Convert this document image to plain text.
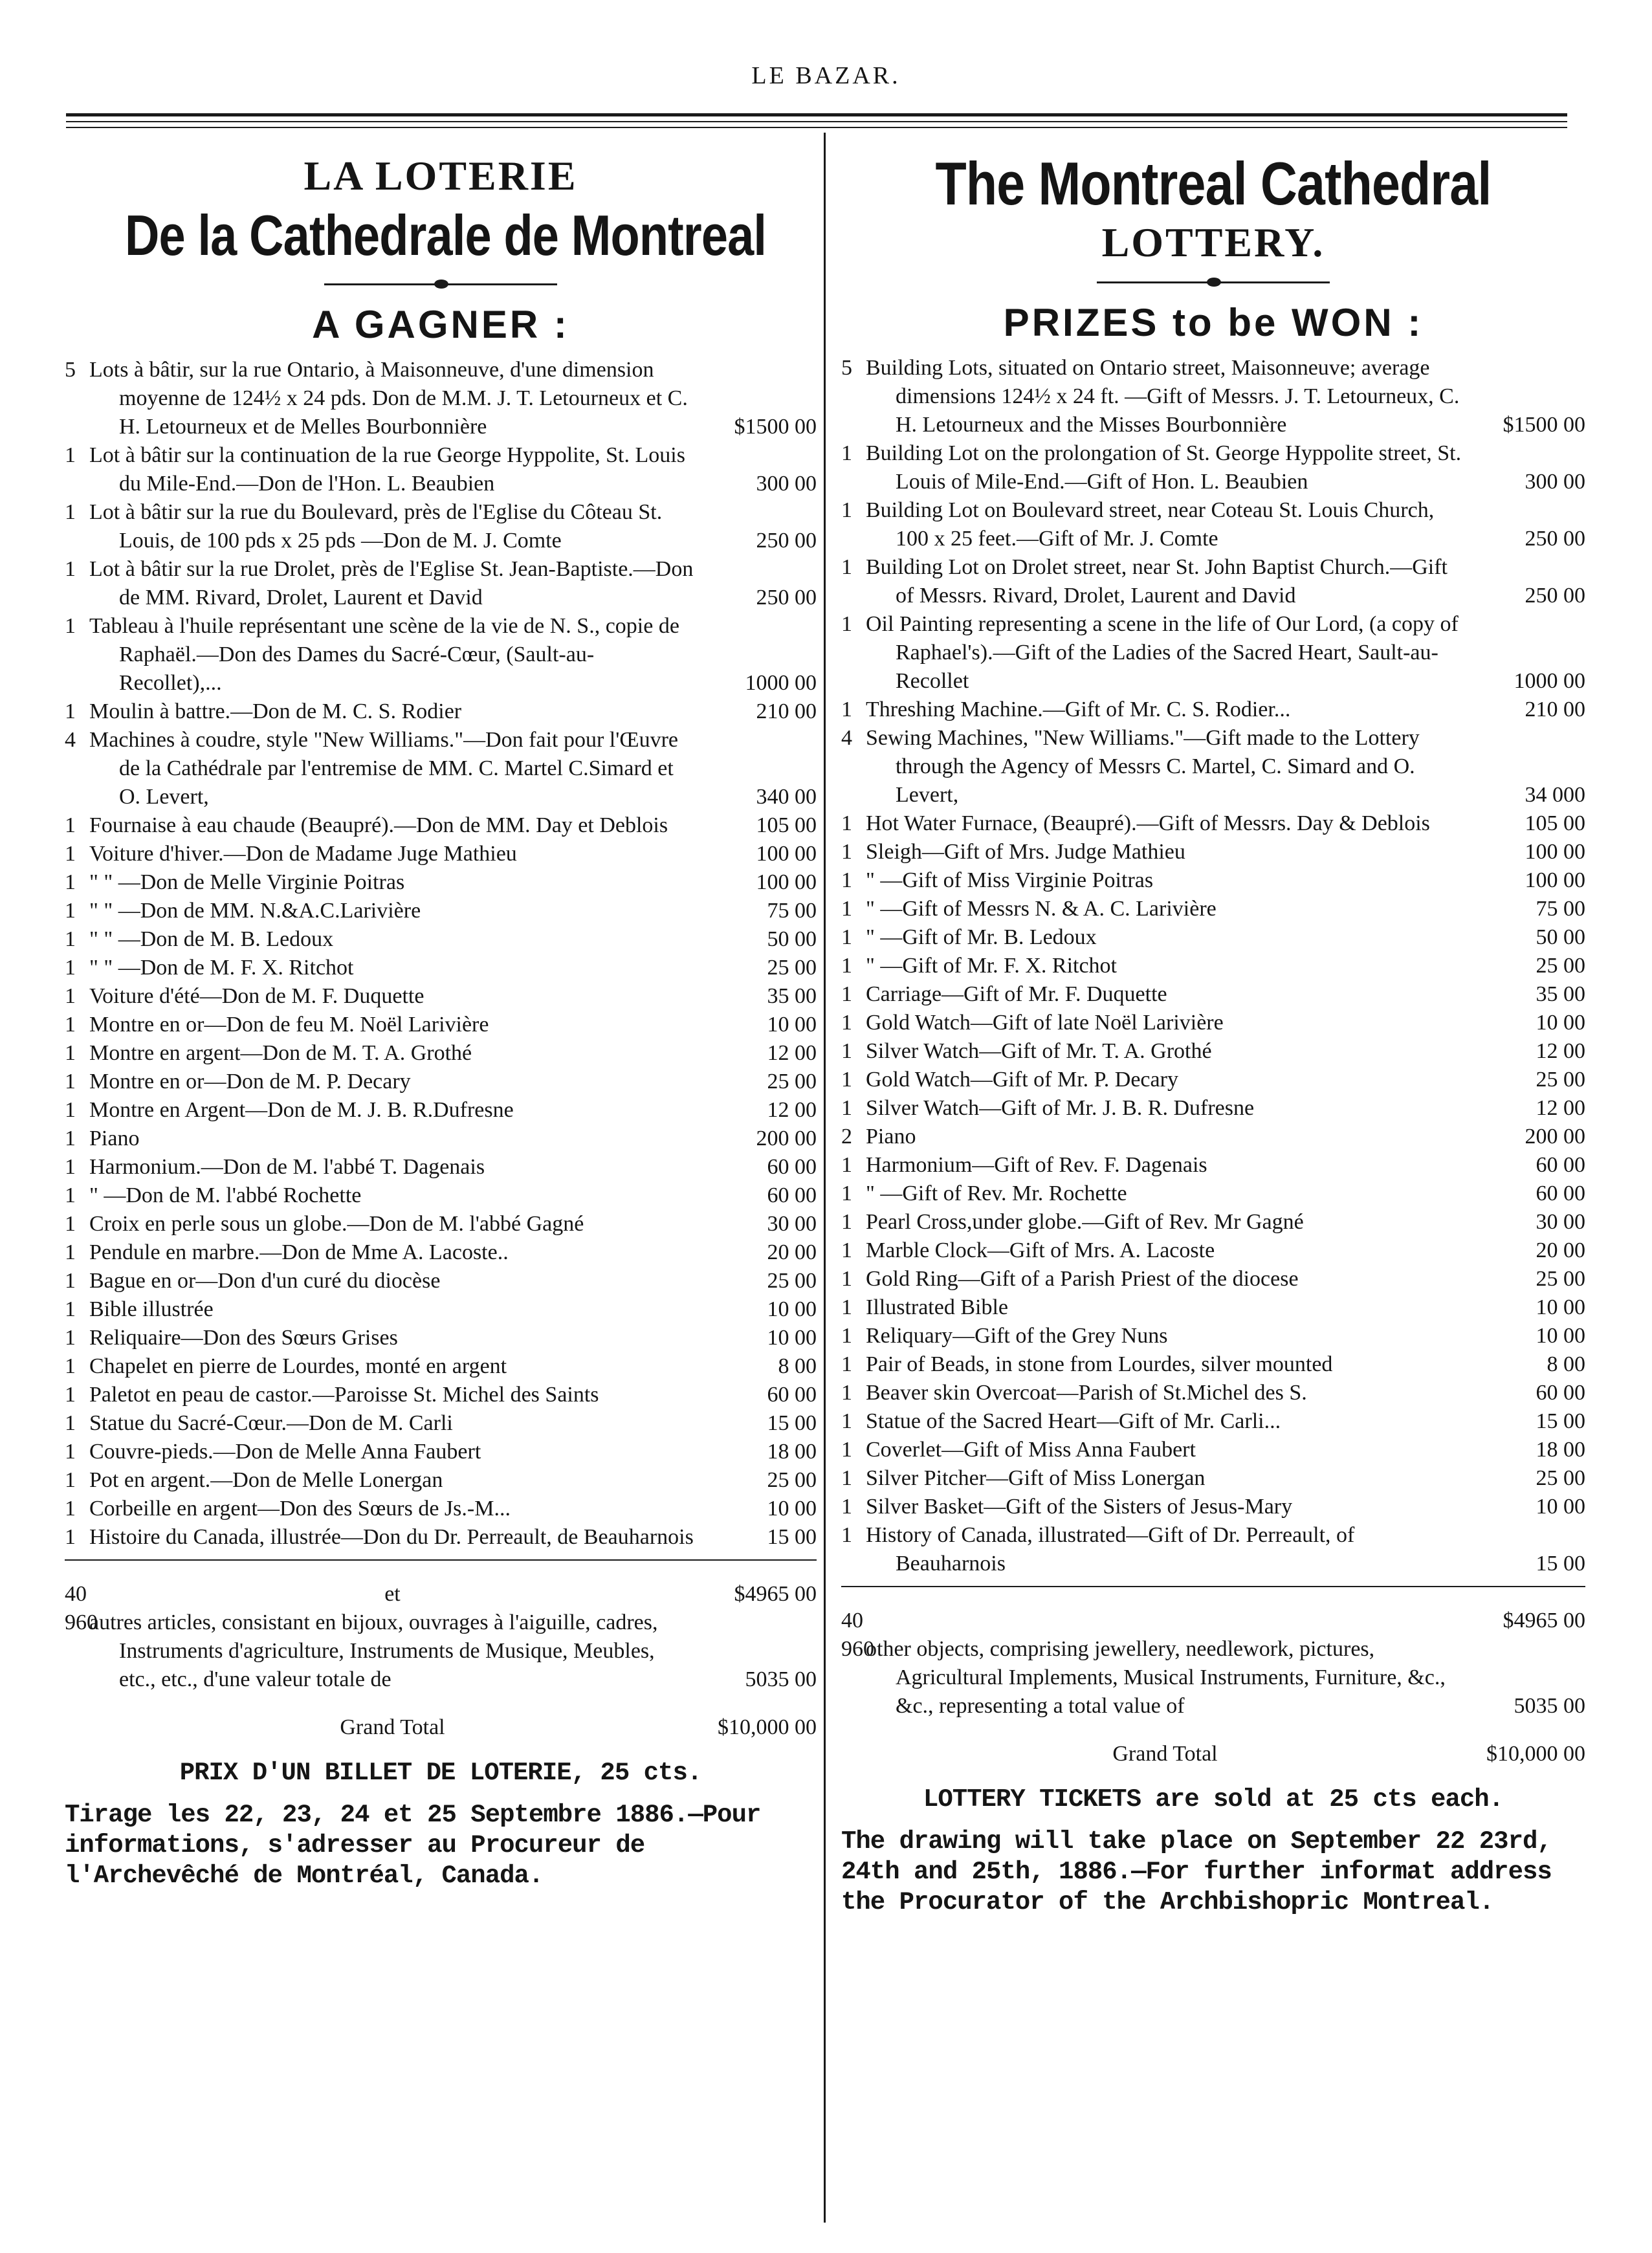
LE BAZAR.
LA LOTERIE
De la Cathedrale de Montreal
A GAGNER :
5 Lots à bâtir, sur la rue Ontario, à Maisonneuve, d'une dimension moyenne de 124½ x 24 pds. Don de M.M. J. T. Letourneux et C. H. Letourneux et de Melles Bourbonnière	$1500 00
1 Lot à bâtir sur la continuation de la rue George Hyppolite, St. Louis du Mile-End.—Don de l'Hon. L. Beaubien	300 00
1 Lot à bâtir sur la rue du Boulevard, près de l'Eglise du Côteau St. Louis, de 100 pds x 25 pds —Don de M. J. Comte	250 00
1 Lot à bâtir sur la rue Drolet, près de l'Eglise St. Jean-Baptiste.—Don de MM. Rivard, Drolet, Laurent et David	250 00
1 Tableau à l'huile représentant une scène de la vie de N. S., copie de Raphaël.—Don des Dames du Sacré-Cœur, (Sault-au-Recollet),...	1000 00
1 Moulin à battre.—Don de M. C. S. Rodier	210 00
4 Machines à coudre, style "New Williams."—Don fait pour l'Œuvre de la Cathédrale par l'entremise de MM. C. Martel C.Simard et O. Levert,	340 00
1 Fournaise à eau chaude (Beaupré).—Don de MM. Day et Deblois	105 00
1 Voiture d'hiver.—Don de Madame Juge Mathieu	100 00
1 " " —Don de Melle Virginie Poitras	100 00
1 " " —Don de MM. N.&A.C.Larivière	75 00
1 " " —Don de M. B. Ledoux	50 00
1 " " —Don de M. F. X. Ritchot	25 00
1 Voiture d'été—Don de M. F. Duquette	35 00
1 Montre en or—Don de feu M. Noël Larivière	10 00
1 Montre en argent—Don de M. T. A. Grothé	12 00
1 Montre en or—Don de M. P. Decary	25 00
1 Montre en Argent—Don de M. J. B. R.Dufresne	12 00
1 Piano	200 00
1 Harmonium.—Don de M. l'abbé T. Dagenais	60 00
1 " —Don de M. l'abbé Rochette	60 00
1 Croix en perle sous un globe.—Don de M. l'abbé Gagné	30 00
1 Pendule en marbre.—Don de Mme A. Lacoste..	20 00
1 Bague en or—Don d'un curé du diocèse	25 00
1 Bible illustrée	10 00
1 Reliquaire—Don des Sœurs Grises	10 00
1 Chapelet en pierre de Lourdes, monté en argent	8 00
1 Paletot en peau de castor.—Paroisse St. Michel des Saints	60 00
1 Statue du Sacré-Cœur.—Don de M. Carli	15 00
1 Couvre-pieds.—Don de Melle Anna Faubert	18 00
1 Pot en argent.—Don de Melle Lonergan	25 00
1 Corbeille en argent—Don des Sœurs de Js.-M...	10 00
1 Histoire du Canada, illustrée—Don du Dr. Perreault, de Beauharnois	15 00
40	et	$4965 00
960
autres articles, consistant en bijoux, ouvrages à l'aiguille, cadres, Instruments d'agriculture, Instruments de Musique, Meubles, etc., etc., d'une valeur totale de	5035 00
Grand Total	$10,000 00
PRIX D'UN BILLET DE LOTERIE, 25 cts.
Tirage les 22, 23, 24 et 25 Septembre 1886.—Pour informations, s'adresser au Procureur de l'Archevêché de Montréal, Canada.
The Montreal Cathedral
LOTTERY.
PRIZES to be WON :
5 Building Lots, situated on Ontario street, Maisonneuve; average dimensions 124½ x 24 ft. —Gift of Messrs. J. T. Letourneux, C. H. Letourneux and the Misses Bourbonnière	$1500 00
1 Building Lot on the prolongation of St. George Hyppolite street, St. Louis of Mile-End.—Gift of Hon. L. Beaubien	300 00
1 Building Lot on Boulevard street, near Coteau St. Louis Church, 100 x 25 feet.—Gift of Mr. J. Comte	250 00
1 Building Lot on Drolet street, near St. John Baptist Church.—Gift of Messrs. Rivard, Drolet, Laurent and David	250 00
1 Oil Painting representing a scene in the life of Our Lord, (a copy of Raphael's).—Gift of the Ladies of the Sacred Heart, Sault-au-Recollet	1000 00
1 Threshing Machine.—Gift of Mr. C. S. Rodier...	210 00
4 Sewing Machines, "New Williams."—Gift made to the Lottery through the Agency of Messrs C. Martel, C. Simard and O. Levert,	34 000
1 Hot Water Furnace, (Beaupré).—Gift of Messrs. Day & Deblois	105 00
1 Sleigh—Gift of Mrs. Judge Mathieu	100 00
1 " —Gift of Miss Virginie Poitras	100 00
1 " —Gift of Messrs N. & A. C. Larivière	75 00
1 " —Gift of Mr. B. Ledoux	50 00
1 " —Gift of Mr. F. X. Ritchot	25 00
1 Carriage—Gift of Mr. F. Duquette	35 00
1 Gold Watch—Gift of late Noël Larivière	10 00
1 Silver Watch—Gift of Mr. T. A. Grothé	12 00
1 Gold Watch—Gift of Mr. P. Decary	25 00
1 Silver Watch—Gift of Mr. J. B. R. Dufresne	12 00
2 Piano	200 00
1 Harmonium—Gift of Rev. F. Dagenais	60 00
1 " —Gift of Rev. Mr. Rochette	60 00
1 Pearl Cross,under globe.—Gift of Rev. Mr Gagné	30 00
1 Marble Clock—Gift of Mrs. A. Lacoste	20 00
1 Gold Ring—Gift of a Parish Priest of the diocese	25 00
1 Illustrated Bible	10 00
1 Reliquary—Gift of the Grey Nuns	10 00
1 Pair of Beads, in stone from Lourdes, silver mounted	8 00
1 Beaver skin Overcoat—Parish of St.Michel des S.	60 00
1 Statue of the Sacred Heart—Gift of Mr. Carli...	15 00
1 Coverlet—Gift of Miss Anna Faubert	18 00
1 Silver Pitcher—Gift of Miss Lonergan	25 00
1 Silver Basket—Gift of the Sisters of Jesus-Mary	10 00
1 History of Canada, illustrated—Gift of Dr. Perreault, of Beauharnois	15 00
40	$4965 00
960
other objects, comprising jewellery, needlework, pictures, Agricultural Implements, Musical Instruments, Furniture, &c., &c., representing a total value of	5035 00
Grand Total	$10,000 00
LOTTERY TICKETS are sold at 25 cts each.
The drawing will take place on September 22 23rd, 24th and 25th, 1886.—For further informat address the Procurator of the Archbishopric Montreal.
